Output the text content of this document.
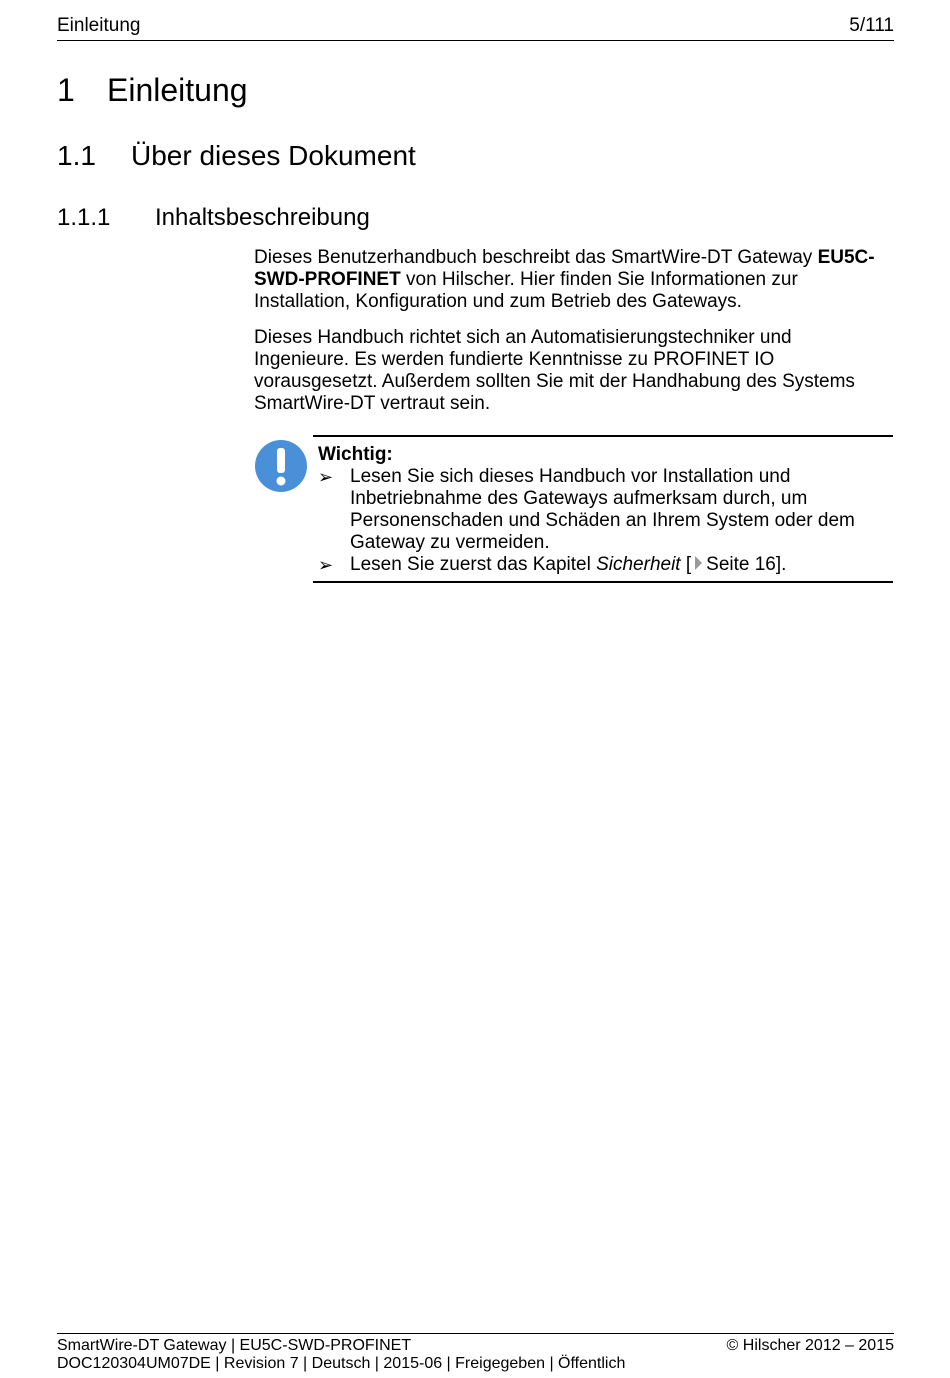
Einleitung	5/111
1 Einleitung
1.1 Über dieses Dokument
1.1.1 Inhaltsbeschreibung

Dieses Benutzerhandbuch beschreibt das SmartWire-DT Gateway EU5C-SWD-PROFINET von Hilscher. Hier finden Sie Informationen zur Installation, Konfiguration und zum Betrieb des Gateways.

Dieses Handbuch richtet sich an Automatisierungstechniker und Ingenieure. Es werden fundierte Kenntnisse zu PROFINET IO vorausgesetzt. Außerdem sollten Sie mit der Handhabung des Systems SmartWire-DT vertraut sein.

Wichtig:
➢ Lesen Sie sich dieses Handbuch vor Installation und Inbetriebnahme des Gateways aufmerksam durch, um Personenschaden und Schäden an Ihrem System oder dem Gateway zu vermeiden.
➢ Lesen Sie zuerst das Kapitel Sicherheit [ Seite 16].
SmartWire-DT Gateway | EU5C-SWD-PROFINET
DOC120304UM07DE | Revision 7 | Deutsch | 2015-06 | Freigegeben | Öffentlich
© Hilscher 2012 – 2015
